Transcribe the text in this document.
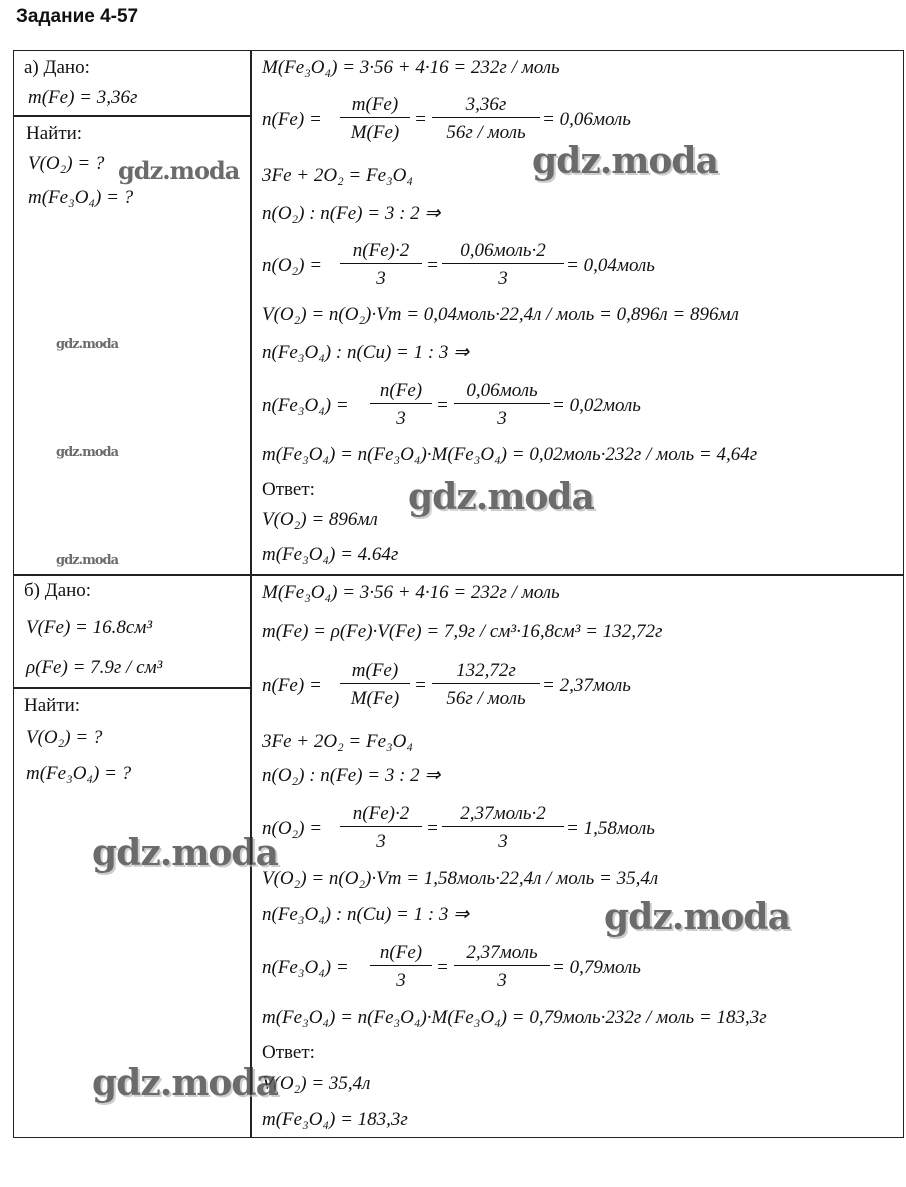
Задание 4-57
а) Дано:
m(Fe) = 3,36г
Найти:
V(O₂) = ?
m(Fe₃O₄) = ?
M(Fe₃O₄) = 3·56 + 4·16 = 232г / моль
n(Fe) =
m(Fe)
M(Fe)
=
3,36г
56г / моль
= 0,06моль
3Fe + 2O₂ = Fe₃O₄
n(O₂) : n(Fe) = 3 : 2 ⇒
n(O₂) =
n(Fe)·2
3
=
0,06моль·2
3
= 0,04моль
V(O₂) = n(O₂)·Vm = 0,04моль·22,4л / моль = 0,896л = 896мл
n(Fe₃O₄) : n(Cu) = 1 : 3 ⇒
n(Fe₃O₄) =
n(Fe)
3
=
0,06моль
3
= 0,02моль
m(Fe₃O₄) = n(Fe₃O₄)·M(Fe₃O₄) = 0,02моль·232г / моль = 4,64г
Ответ:
V(O₂) = 896мл
m(Fe₃O₄) = 4.64г
б) Дано:
V(Fe) = 16.8см³
ρ(Fe) = 7.9г / см³
Найти:
V(O₂) = ?
m(Fe₃O₄) = ?
M(Fe₃O₄) = 3·56 + 4·16 = 232г / моль
m(Fe) = ρ(Fe)·V(Fe) = 7,9г / см³·16,8см³ = 132,72г
n(Fe) =
m(Fe)
M(Fe)
=
132,72г
56г / моль
= 2,37моль
3Fe + 2O₂ = Fe₃O₄
n(O₂) : n(Fe) = 3 : 2 ⇒
n(O₂) =
n(Fe)·2
3
=
2,37моль·2
3
= 1,58моль
V(O₂) = n(O₂)·Vm = 1,58моль·22,4л / моль = 35,4л
n(Fe₃O₄) : n(Cu) = 1 : 3 ⇒
n(Fe₃O₄) =
n(Fe)
3
=
2,37моль
3
= 0,79моль
m(Fe₃O₄) = n(Fe₃O₄)·M(Fe₃O₄) = 0,79моль·232г / моль = 183,3г
Ответ:
V(O₂) = 35,4л
m(Fe₃O₄) = 183,3г
gdz.moda
gdz.moda
gdz.moda
gdz.moda
gdz.moda
gdz.moda
gdz.moda
gdz.moda
gdz.moda
